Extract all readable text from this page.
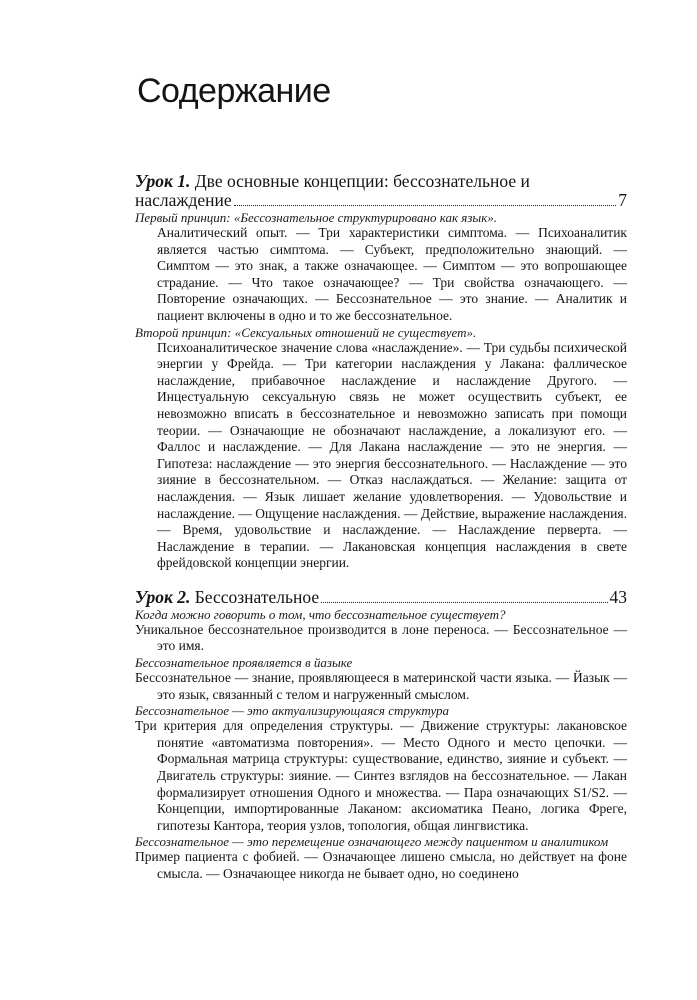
Содержание
Урок 1. Две основные концепции: бессознательное и
наслаждение	7
Первый принцип: «Бессознательное структурировано как язык».
Аналитический опыт. — Три характеристики симптома. — Психоаналитик является частью симптома. — Субъект, предположительно знающий. — Симптом — это знак, а также означающее. — Симптом — это вопрошающее страдание. — Что такое означающее? — Три свойства означающего. — Повторение означающих. — Бессознательное — это знание. — Аналитик и пациент включены в одно и то же бессознательное.
Второй принцип: «Сексуальных отношений не существует».
Психоаналитическое значение слова «наслаждение». — Три судьбы психической энергии у Фрейда. — Три категории наслаждения у Лакана: фаллическое наслаждение, прибавочное наслаждение и наслаждение Другого. — Инцестуальную сексуальную связь не может осуществить субъект, ее невозможно вписать в бессознательное и невозможно записать при помощи теории. — Означающие не обозначают наслаждение, а локализуют его. — Фаллос и наслаждение. — Для Лакана наслаждение — это не энергия. — Гипотеза: наслаждение — это энергия бессознательного. — Наслаждение — это зияние в бессознательном. — Отказ наслаждаться. — Желание: защита от наслаждения. — Язык лишает желание удовлетворения. — Удовольствие и наслаждение. — Ощущение наслаждения. — Действие, выражение наслаждения. — Время, удовольствие и наслаждение. — Наслаждение перверта. — Наслаждение в терапии. — Лакановская концепция наслаждения в свете фрейдовской концепции энергии.
Урок 2. Бессознательное	43
Когда можно говорить о том, что бессознательное существует?
Уникальное бессознательное производится в лоне переноса. — Бессознательное — это имя.
Бессознательное проявляется в йазыке
Бессознательное — знание, проявляющееся в материнской части языка. — Йазык — это язык, связанный с телом и нагруженный смыслом.
Бессознательное — это актуализирующаяся структура
Три критерия для определения структуры. — Движение структуры: лакановское понятие «автоматизма повторения». — Место Одного и место цепочки. — Формальная матрица структуры: существование, единство, зияние и субъект. — Двигатель структуры: зияние. — Синтез взглядов на бессознательное. — Лакан формализирует отношения Одного и множества. — Пара означающих S1/S2. — Концепции, импортированные Лаканом: аксиоматика Пеано, логика Фреге, гипотезы Кантора, теория узлов, топология, общая лингвистика.
Бессознательное — это перемещение означающего между пациентом и аналитиком
Пример пациента с фобией. — Означающее лишено смысла, но действует на фоне смысла. — Означающее никогда не бывает одно, но соединено
